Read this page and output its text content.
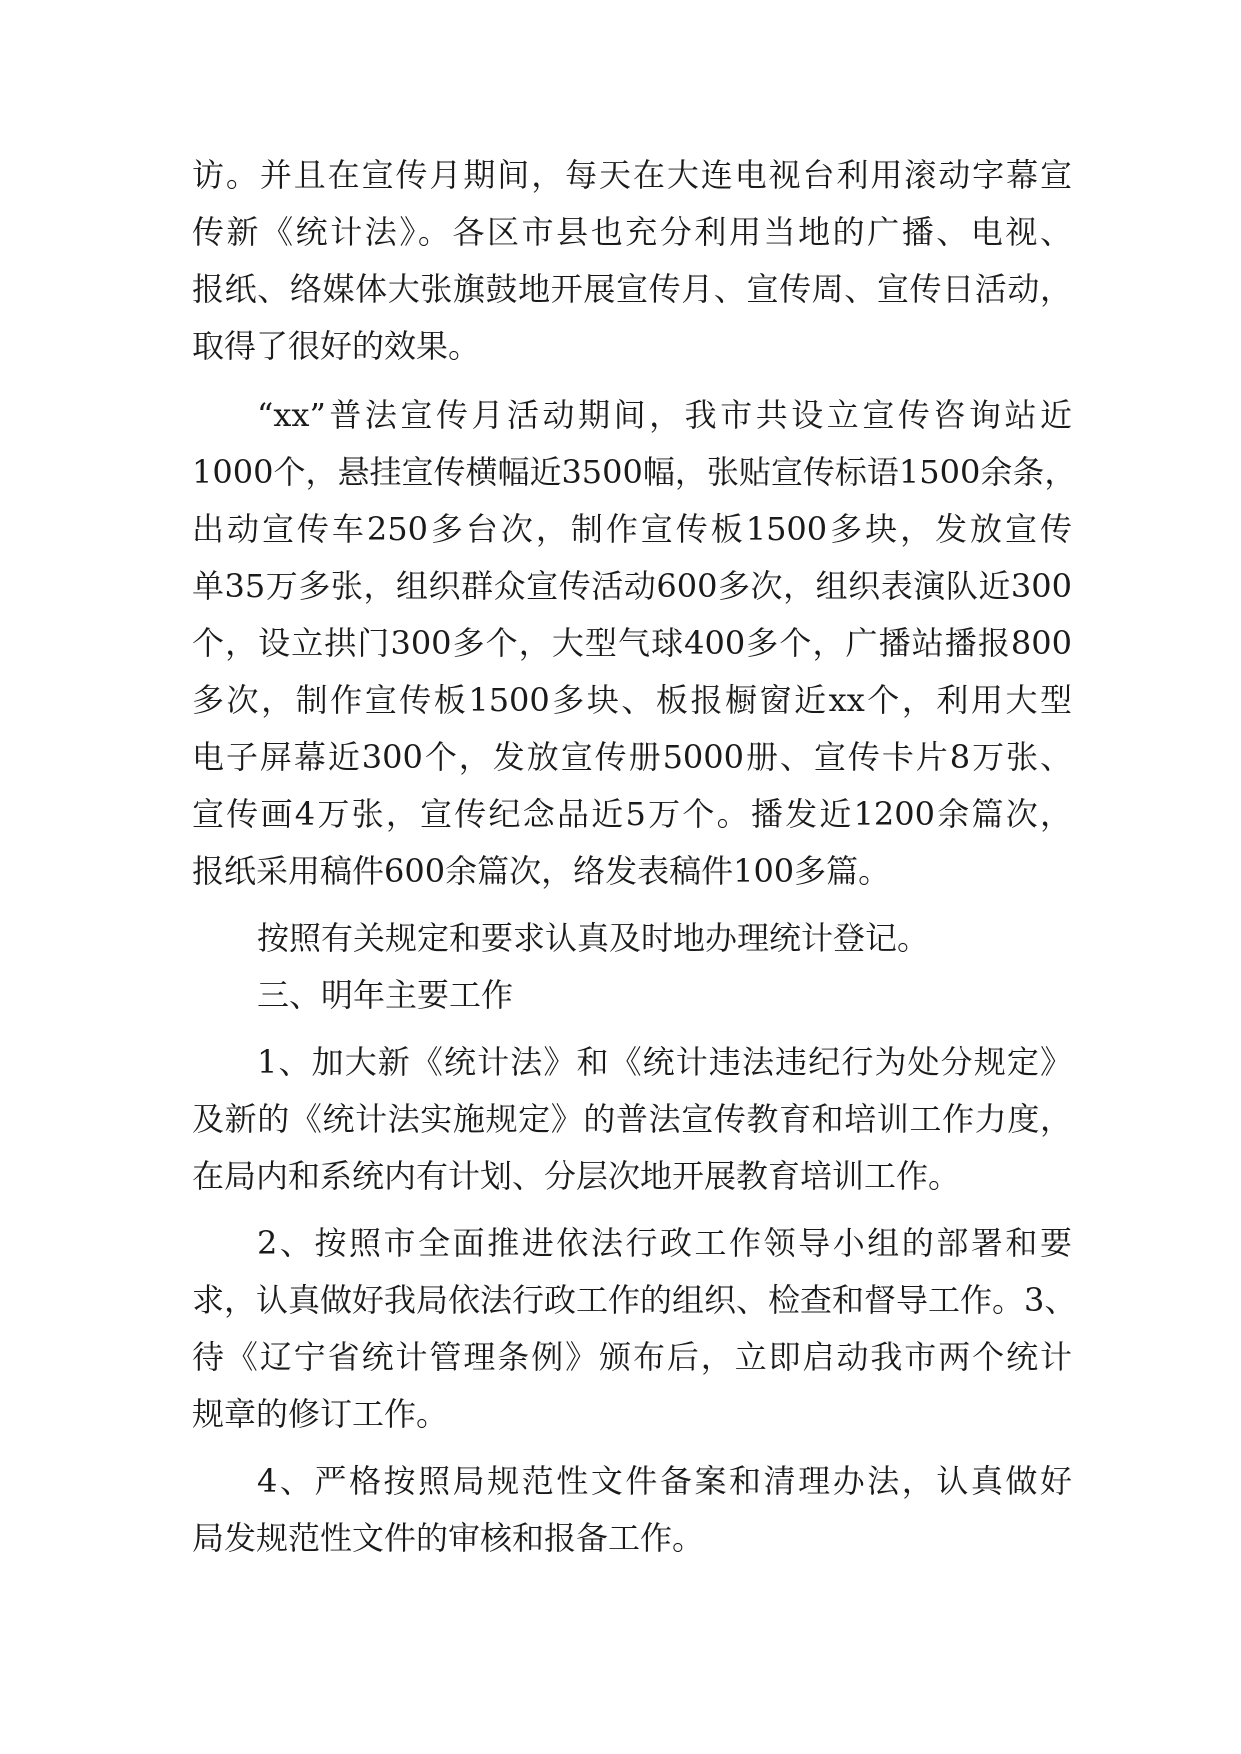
访。并且在宣传月期间，每天在大连电视台利用滚动字幕宣
传新《统计法》。各区市县也充分利用当地的广播、电视、
报纸、络媒体大张旗鼓地开展宣传月、宣传周、宣传日活动，
取得了很好的效果。
“xx”普法宣传月活动期间，我市共设立宣传咨询站近
1000个，悬挂宣传横幅近3500幅，张贴宣传标语1500余条，
出动宣传车250多台次，制作宣传板1500多块，发放宣传
单35万多张，组织群众宣传活动600多次，组织表演队近300
个，设立拱门300多个，大型气球400多个，广播站播报800
多次，制作宣传板1500多块、板报橱窗近xx个，利用大型
电子屏幕近300个，发放宣传册5000册、宣传卡片8万张、
宣传画4万张，宣传纪念品近5万个。播发近1200余篇次，
报纸采用稿件600余篇次，络发表稿件100多篇。
按照有关规定和要求认真及时地办理统计登记。
三、明年主要工作
1、加大新《统计法》和《统计违法违纪行为处分规定》
及新的《统计法实施规定》的普法宣传教育和培训工作力度，
在局内和系统内有计划、分层次地开展教育培训工作。
2、按照市全面推进依法行政工作领导小组的部署和要
求，认真做好我局依法行政工作的组织、检查和督导工作。3、
待《辽宁省统计管理条例》颁布后，立即启动我市两个统计
规章的修订工作。
4、严格按照局规范性文件备案和清理办法，认真做好
局发规范性文件的审核和报备工作。
